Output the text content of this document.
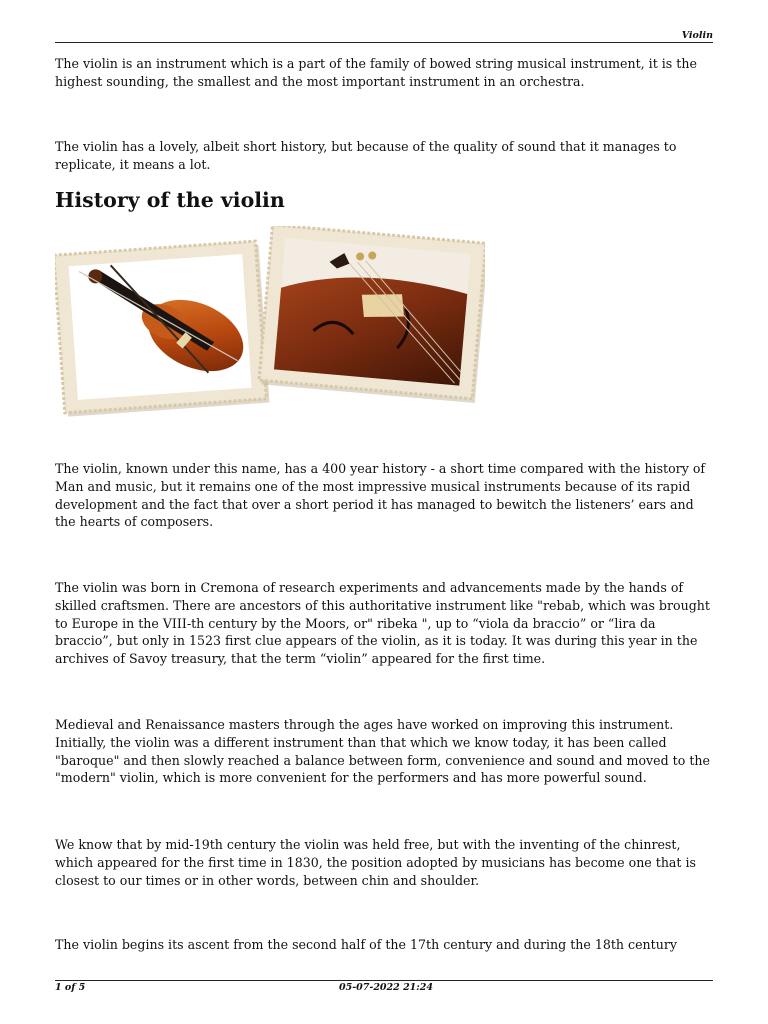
Violin

The violin is an instrument which is a part of the family of bowed string musical instrument, it is the highest sounding, the smallest and the most important instrument in an orchestra.

The violin has a lovely, albeit short history, but because of the quality of sound that it manages to replicate, it means a lot.

History of the violin

The violin, known under this name, has a 400 year history - a short time compared with the history of Man and music, but it remains one of the most impressive musical instruments because of its rapid development and the fact that over a short period it has managed to bewitch the listeners’ ears and the hearts of composers.

The violin was born in Cremona of research experiments and advancements made by the hands of skilled craftsmen. There are ancestors of this authoritative instrument like "rebab, which was brought to Europe in the VIII-th century by the Moors, or" ribeka ", up to “viola da braccio” or “lira da braccio”, but only in 1523 first clue appears of the violin, as it is today. It was during this year in the archives of Savoy treasury, that the term “violin” appeared for the first time.

Medieval and Renaissance masters through the ages have worked on improving this instrument. Initially, the violin was a different instrument than that which we know today, it has been called "baroque" and then slowly reached a balance between form, convenience and sound and moved to the "modern" violin, which is more convenient for the performers and has more powerful sound.

We know that by mid-19th century the violin was held free, but with the inventing of the chinrest, which appeared for the first time in 1830, the position adopted by musicians has become one that is closest to our times or in other words, between chin and shoulder.

The violin begins its ascent from the second half of the 17th century and during the 18th century

1 of 5	05-07-2022 21:24
